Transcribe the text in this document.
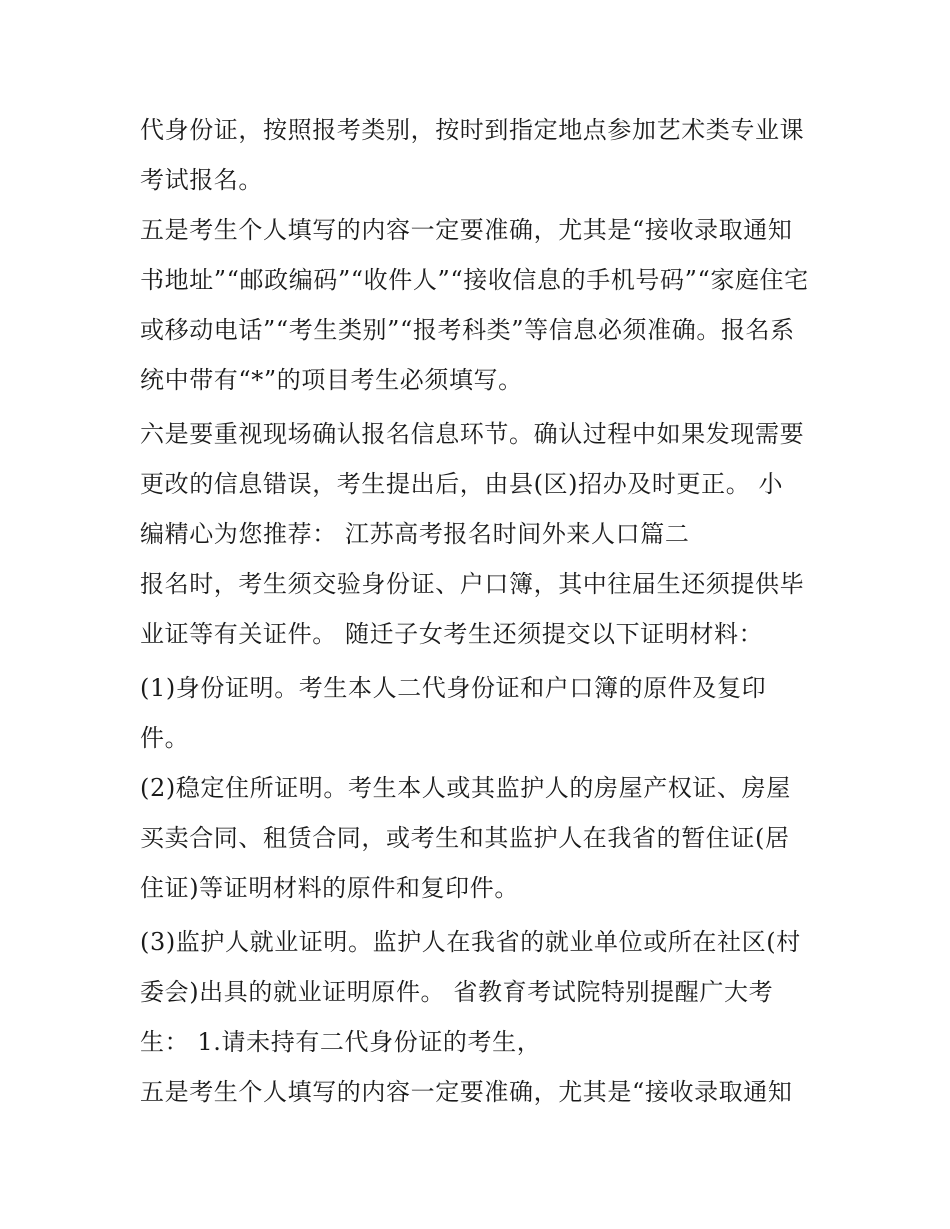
代身份证，按照报考类别，按时到指定地点参加艺术类专业课
考试报名。
五是考生个人填写的内容一定要准确，尤其是“接收录取通知
书地址”“邮政编码”“收件人”“接收信息的手机号码”“家庭住宅
或移动电话”“考生类别”“报考科类”等信息必须准确。报名系
统中带有“*”的项目考生必须填写。
六是要重视现场确认报名信息环节。确认过程中如果发现需要
更改的信息错误，考生提出后，由县(区)招办及时更正。 小
编精心为您推荐： 江苏高考报名时间外来人口篇二
报名时，考生须交验身份证、户口簿，其中往届生还须提供毕
业证等有关证件。 随迁子女考生还须提交以下证明材料：
(1)身份证明。考生本人二代身份证和户口簿的原件及复印
件。
(2)稳定住所证明。考生本人或其监护人的房屋产权证、房屋
买卖合同、租赁合同，或考生和其监护人在我省的暂住证(居
住证)等证明材料的原件和复印件。
(3)监护人就业证明。监护人在我省的就业单位或所在社区(村
委会)出具的就业证明原件。 省教育考试院特别提醒广大考
生： 1.请未持有二代身份证的考生，
五是考生个人填写的内容一定要准确，尤其是“接收录取通知
